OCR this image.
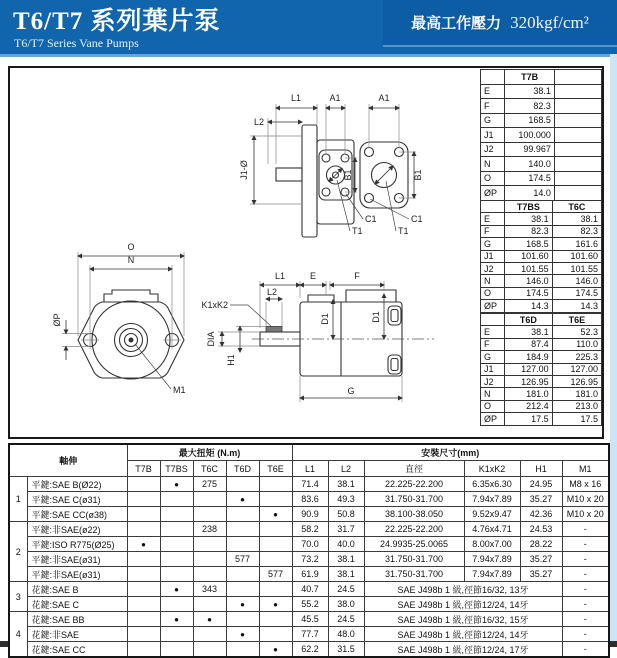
T6/T7 系列葉片泵
T6/T7 Series Vane Pumps
最高工作壓力 320kgf/cm²
L1	A1	A1
L2
J1-Ø	B1	B1
C1
T1
C1
T1
O
N
ØP
M1
L1	E	F
L2
D1	D1
G
K1xK2
DIA
H1
	T7B	
E	38.1	
F	82.3	
G	168.5	
J1	100.000	
J2	99.967	
N	140.0	
O	174.5	
ØP	14.0	
	T7BS	T6C
E	38.1	38.1
F	82.3	82.3
G	168.5	161.6
J1	101.60	101.60
J2	101.55	101.55
N	146.0	146.0
O	174.5	174.5
ØP	14.3	14.3
	T6D	T6E
E	38.1	52.3
F	87.4	110.0
G	184.9	225.3
J1	127.00	127.00
J2	126.95	126.95
N	181.0	181.0
O	212.4	213.0
ØP	17.5	17.5
軸伸		最大扭矩 (N.m)					安裝尺寸(mm)					
		T7B	T7BS	T6C	T6D	T6E	L1	L2	直徑	K1xK2	H1	M1
1	平鍵:SAE B(Ø22)		●	275			71.4	38.1	22.225-22.200	6.35x6.30	24.95	M8 x 16
	平鍵:SAE C(ø31)				●		83.6	49.3	31.750-31.700	7.94x7.89	35.27	M10 x 20
	平鍵:SAE CC(ø38)					●	90.9	50.8	38.100-38.050	9.52x9.47	42.36	M10 x 20
2	平鍵:非SAE(ø22)			238			58.2	31.7	22.225-22.200	4.76x4.71	24.53	-
	平鍵:ISO R775(Ø25)	●					70.0	40.0	24.9935-25.0065	8.00x7.00	28.22	-
	平鍵:非SAE(ø31)				577		73.2	38.1	31.750-31.700	7.94x7.89	35.27	-
	平鍵:非SAE(ø31)					577	61.9	38.1	31.750-31.700	7.94x7.89	35.27	-
3	花鍵:SAE B		●	343			40.7	24.5	SAE J498b 1 級,徑節16/32, 13牙			-
	花鍵:SAE C				●	●	55.2	38.0	SAE J498b 1 級,徑節12/24, 14牙			-
4	花鍵:SAE BB		●	●			45.5	24.5	SAE J498b 1 級,徑節16/32, 15牙			-
	花鍵:非SAE				●		77.7	48.0	SAE J498b 1 級,徑節12/24, 14牙			-
	花鍵:SAE CC					●	62.2	31.5	SAE J498b 1 級,徑節12/24, 17牙			-
